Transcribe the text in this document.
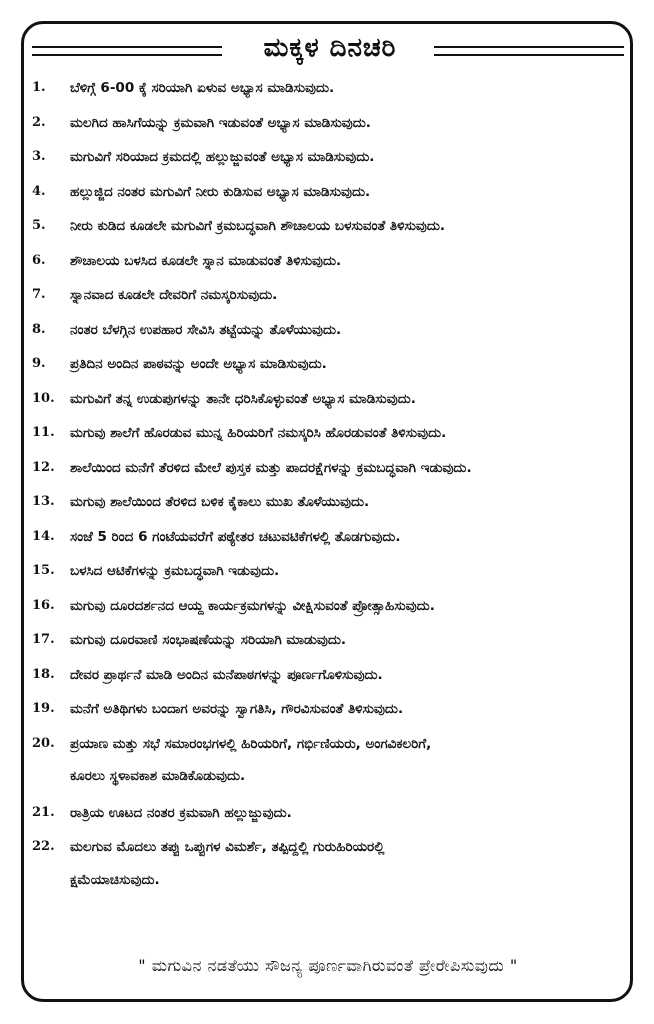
ಮಕ್ಕಳ ದಿನಚರಿ
1.	ಬೆಳಿಗ್ಗೆ 6-00 ಕ್ಕೆ ಸರಿಯಾಗಿ ಏಳುವ ಅಭ್ಯಾಸ ಮಾಡಿಸುವುದು.
2.	ಮಲಗಿದ ಹಾಸಿಗೆಯನ್ನು ಕ್ರಮವಾಗಿ ಇಡುವಂತೆ ಅಭ್ಯಾಸ ಮಾಡಿಸುವುದು.
3.	ಮಗುವಿಗೆ ಸರಿಯಾದ ಕ್ರಮದಲ್ಲಿ ಹಲ್ಲುಜ್ಜುವಂತೆ ಅಭ್ಯಾಸ ಮಾಡಿಸುವುದು.
4.	ಹಲ್ಲುಜ್ಜಿದ ನಂತರ ಮಗುವಿಗೆ ನೀರು ಕುಡಿಸುವ ಅಭ್ಯಾಸ ಮಾಡಿಸುವುದು.
5.	ನೀರು ಕುಡಿದ ಕೂಡಲೇ ಮಗುವಿಗೆ ಕ್ರಮಬದ್ಧವಾಗಿ ಶೌಚಾಲಯ ಬಳಸುವಂತೆ ತಿಳಿಸುವುದು.
6.	ಶೌಚಾಲಯ ಬಳಸಿದ ಕೂಡಲೇ ಸ್ನಾನ ಮಾಡುವಂತೆ ತಿಳಿಸುವುದು.
7.	ಸ್ನಾನವಾದ ಕೂಡಲೇ ದೇವರಿಗೆ ನಮಸ್ಕರಿಸುವುದು.
8.	ನಂತರ ಬೆಳಗ್ಗಿನ ಉಪಹಾರ ಸೇವಿಸಿ ತಟ್ಟೆಯನ್ನು ತೊಳೆಯುವುದು.
9.	ಪ್ರತಿದಿನ ಅಂದಿನ ಪಾಠವನ್ನು ಅಂದೇ ಅಭ್ಯಾಸ ಮಾಡಿಸುವುದು.
10.	ಮಗುವಿಗೆ ತನ್ನ ಉಡುಪುಗಳನ್ನು ತಾನೇ ಧರಿಸಿಕೊಳ್ಳುವಂತೆ ಅಭ್ಯಾಸ ಮಾಡಿಸುವುದು.
11.	ಮಗುವು ಶಾಲೆಗೆ ಹೊರಡುವ ಮುನ್ನ ಹಿರಿಯರಿಗೆ ನಮಸ್ಕರಿಸಿ ಹೊರಡುವಂತೆ ತಿಳಿಸುವುದು.
12.	ಶಾಲೆಯಿಂದ ಮನೆಗೆ ತೆರಳಿದ ಮೇಲೆ ಪುಸ್ತಕ ಮತ್ತು ಪಾದರಕ್ಷೆಗಳನ್ನು ಕ್ರಮಬದ್ಧವಾಗಿ ಇಡುವುದು.
13.	ಮಗುವು ಶಾಲೆಯಿಂದ ತೆರಳಿದ ಬಳಿಕ ಕೈಕಾಲು ಮುಖ ತೊಳೆಯುವುದು.
14.	ಸಂಜೆ 5 ರಿಂದ 6 ಗಂಟೆಯವರೆಗೆ ಪಠ್ಯೇತರ ಚಟುವಟಿಕೆಗಳಲ್ಲಿ ತೊಡಗುವುದು.
15.	ಬಳಸಿದ ಆಟಿಕೆಗಳನ್ನು ಕ್ರಮಬದ್ಧವಾಗಿ ಇಡುವುದು.
16.	ಮಗುವು ದೂರದರ್ಶನದ ಆಯ್ದ ಕಾರ್ಯಕ್ರಮಗಳನ್ನು ವೀಕ್ಷಿಸುವಂತೆ ಪ್ರೋತ್ಸಾಹಿಸುವುದು.
17.	ಮಗುವು ದೂರವಾಣಿ ಸಂಭಾಷಣೆಯನ್ನು ಸರಿಯಾಗಿ ಮಾಡುವುದು.
18.	ದೇವರ ಪ್ರಾರ್ಥನೆ ಮಾಡಿ ಅಂದಿನ ಮನೆಪಾಠಗಳನ್ನು ಪೂರ್ಣಗೊಳಿಸುವುದು.
19.	ಮನೆಗೆ ಅತಿಥಿಗಳು ಬಂದಾಗ ಅವರನ್ನು ಸ್ವಾಗತಿಸಿ, ಗೌರವಿಸುವಂತೆ ತಿಳಿಸುವುದು.
20.	ಪ್ರಯಾಣ ಮತ್ತು ಸಭೆ ಸಮಾರಂಭಗಳಲ್ಲಿ ಹಿರಿಯರಿಗೆ, ಗರ್ಭಿಣಿಯರು, ಅಂಗವಿಕಲರಿಗೆ,
ಕೂರಲು ಸ್ಥಳಾವಕಾಶ ಮಾಡಿಕೊಡುವುದು.
21.	ರಾತ್ರಿಯ ಊಟದ ನಂತರ ಕ್ರಮವಾಗಿ ಹಲ್ಲುಜ್ಜುವುದು.
22.	ಮಲಗುವ ಮೊದಲು ತಪ್ಪು ಒಪ್ಪುಗಳ ವಿಮರ್ಶೆ, ತಪ್ಪಿದ್ದಲ್ಲಿ ಗುರುಹಿರಿಯರಲ್ಲಿ
ಕ್ಷಮೆಯಾಚಿಸುವುದು.
" ಮಗುವಿನ ನಡತೆಯು ಸೌಜನ್ಯ ಪೂರ್ಣವಾಗಿರುವಂತೆ ಪ್ರೇರೇಪಿಸುವುದು "
